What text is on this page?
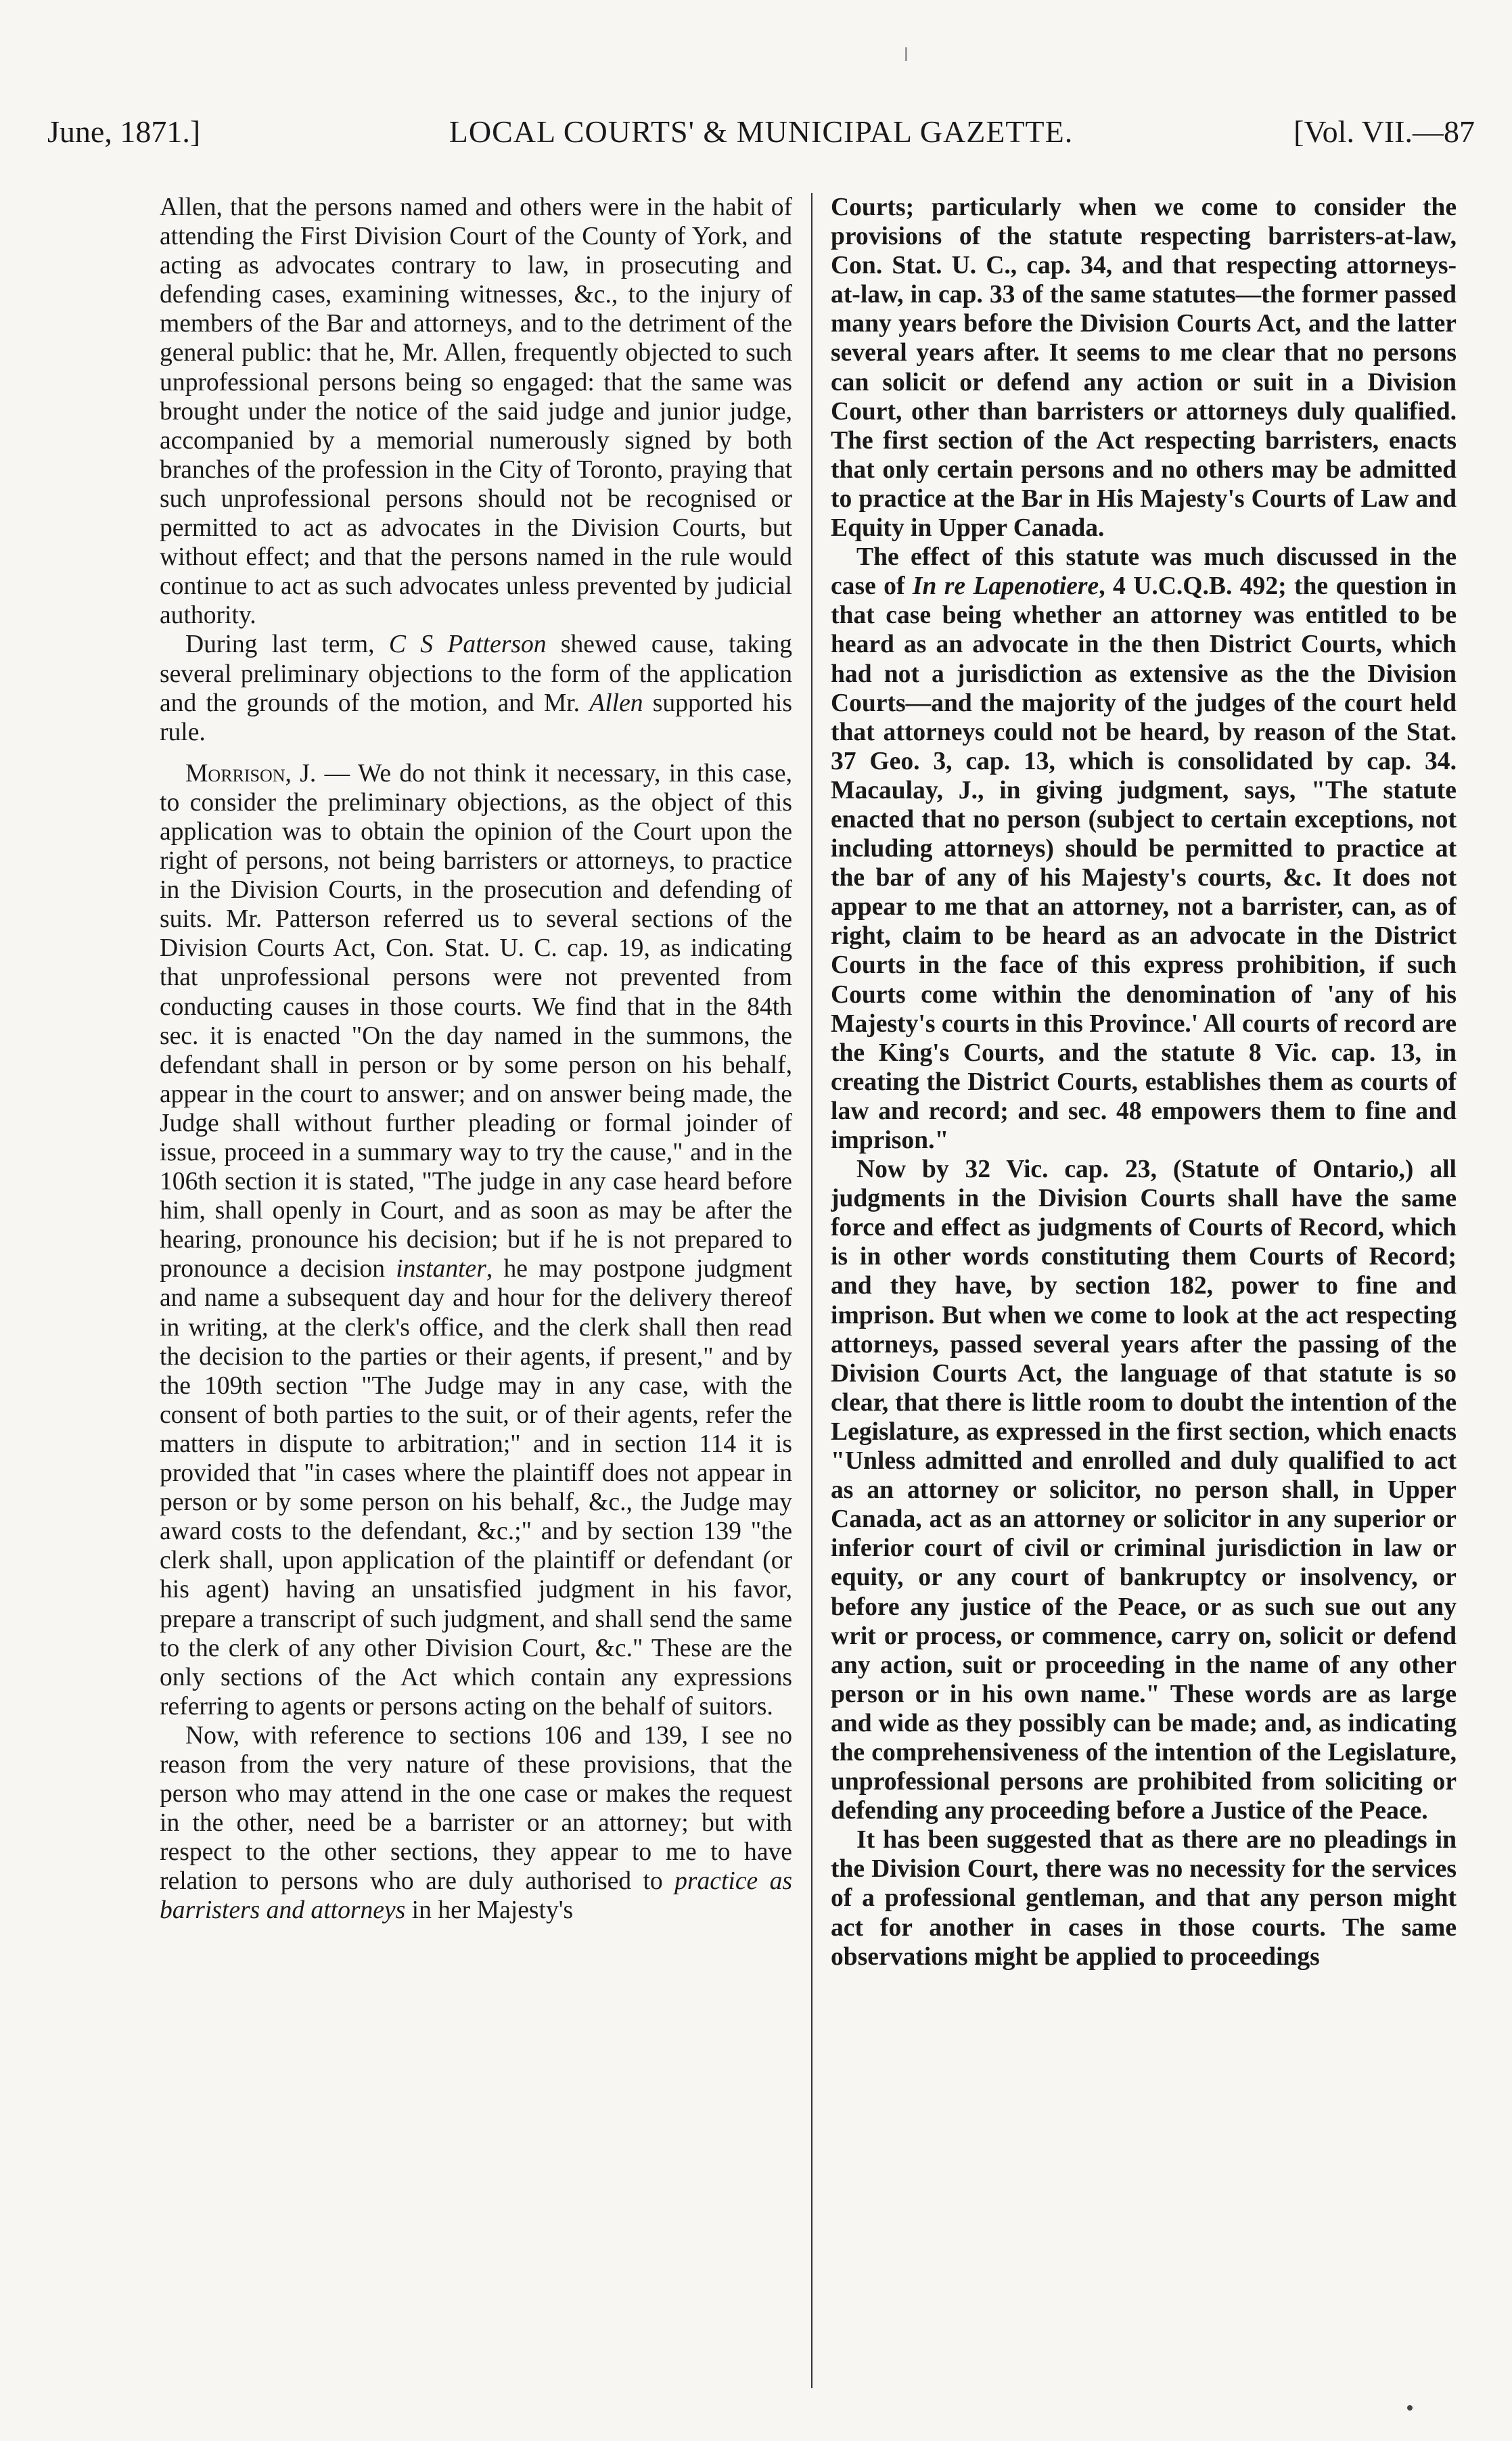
June, 1871.]	LOCAL COURTS' & MUNICIPAL GAZETTE.	[Vol. VII.—87

Allen, that the persons named and others were in the habit of attending the First Division Court of the County of York, and acting as advocates contrary to law, in prosecuting and defending cases, examining witnesses, &c., to the injury of members of the Bar and attorneys, and to the detriment of the general public: that he, Mr. Allen, frequently objected to such unprofessional persons being so engaged: that the same was brought under the notice of the said judge and junior judge, accompanied by a memorial numerously signed by both branches of the profession in the City of Toronto, praying that such unprofessional persons should not be recognised or permitted to act as advocates in the Division Courts, but without effect; and that the persons named in the rule would continue to act as such advocates unless prevented by judicial authority.

During last term, C S Patterson shewed cause, taking several preliminary objections to the form of the application and the grounds of the motion, and Mr. Allen supported his rule.

Morrison, J. — We do not think it necessary, in this case, to consider the preliminary objections, as the object of this application was to obtain the opinion of the Court upon the right of persons, not being barristers or attorneys, to practice in the Division Courts, in the prosecution and defending of suits. Mr. Patterson referred us to several sections of the Division Courts Act, Con. Stat. U. C. cap. 19, as indicating that unprofessional persons were not prevented from conducting causes in those courts. We find that in the 84th sec. it is enacted "On the day named in the summons, the defendant shall in person or by some person on his behalf, appear in the court to answer; and on answer being made, the Judge shall without further pleading or formal joinder of issue, proceed in a summary way to try the cause," and in the 106th section it is stated, "The judge in any case heard before him, shall openly in Court, and as soon as may be after the hearing, pronounce his decision; but if he is not prepared to pronounce a decision instanter, he may postpone judgment and name a subsequent day and hour for the delivery thereof in writing, at the clerk's office, and the clerk shall then read the decision to the parties or their agents, if present," and by the 109th section "The Judge may in any case, with the consent of both parties to the suit, or of their agents, refer the matters in dispute to arbitration;" and in section 114 it is provided that "in cases where the plaintiff does not appear in person or by some person on his behalf, &c., the Judge may award costs to the defendant, &c.;" and by section 139 "the clerk shall, upon application of the plaintiff or defendant (or his agent) having an unsatisfied judgment in his favor, prepare a transcript of such judgment, and shall send the same to the clerk of any other Division Court, &c." These are the only sections of the Act which contain any expressions referring to agents or persons acting on the behalf of suitors.

Now, with reference to sections 106 and 139, I see no reason from the very nature of these provisions, that the person who may attend in the one case or makes the request in the other, need be a barrister or an attorney; but with respect to the other sections, they appear to me to have relation to persons who are duly authorised to practice as barristers and attorneys in her Majesty's

Courts; particularly when we come to consider the provisions of the statute respecting barristers-at-law, Con. Stat. U. C., cap. 34, and that respecting attorneys-at-law, in cap. 33 of the same statutes—the former passed many years before the Division Courts Act, and the latter several years after. It seems to me clear that no persons can solicit or defend any action or suit in a Division Court, other than barristers or attorneys duly qualified. The first section of the Act respecting barristers, enacts that only certain persons and no others may be admitted to practice at the Bar in His Majesty's Courts of Law and Equity in Upper Canada.

The effect of this statute was much discussed in the case of In re Lapenotiere, 4 U.C.Q.B. 492; the question in that case being whether an attorney was entitled to be heard as an advocate in the then District Courts, which had not a jurisdiction as extensive as the the Division Courts—and the majority of the judges of the court held that attorneys could not be heard, by reason of the Stat. 37 Geo. 3, cap. 13, which is consolidated by cap. 34. Macaulay, J., in giving judgment, says, "The statute enacted that no person (subject to certain exceptions, not including attorneys) should be permitted to practice at the bar of any of his Majesty's courts, &c. It does not appear to me that an attorney, not a barrister, can, as of right, claim to be heard as an advocate in the District Courts in the face of this express prohibition, if such Courts come within the denomination of 'any of his Majesty's courts in this Province.' All courts of record are the King's Courts, and the statute 8 Vic. cap. 13, in creating the District Courts, establishes them as courts of law and record; and sec. 48 empowers them to fine and imprison."

Now by 32 Vic. cap. 23, (Statute of Ontario,) all judgments in the Division Courts shall have the same force and effect as judgments of Courts of Record, which is in other words constituting them Courts of Record; and they have, by section 182, power to fine and imprison. But when we come to look at the act respecting attorneys, passed several years after the passing of the Division Courts Act, the language of that statute is so clear, that there is little room to doubt the intention of the Legislature, as expressed in the first section, which enacts "Unless admitted and enrolled and duly qualified to act as an attorney or solicitor, no person shall, in Upper Canada, act as an attorney or solicitor in any superior or inferior court of civil or criminal jurisdiction in law or equity, or any court of bankruptcy or insolvency, or before any justice of the Peace, or as such sue out any writ or process, or commence, carry on, solicit or defend any action, suit or proceeding in the name of any other person or in his own name." These words are as large and wide as they possibly can be made; and, as indicating the comprehensiveness of the intention of the Legislature, unprofessional persons are prohibited from soliciting or defending any proceeding before a Justice of the Peace.

It has been suggested that as there are no pleadings in the Division Court, there was no necessity for the services of a professional gentleman, and that any person might act for another in cases in those courts. The same observations might be applied to proceedings
